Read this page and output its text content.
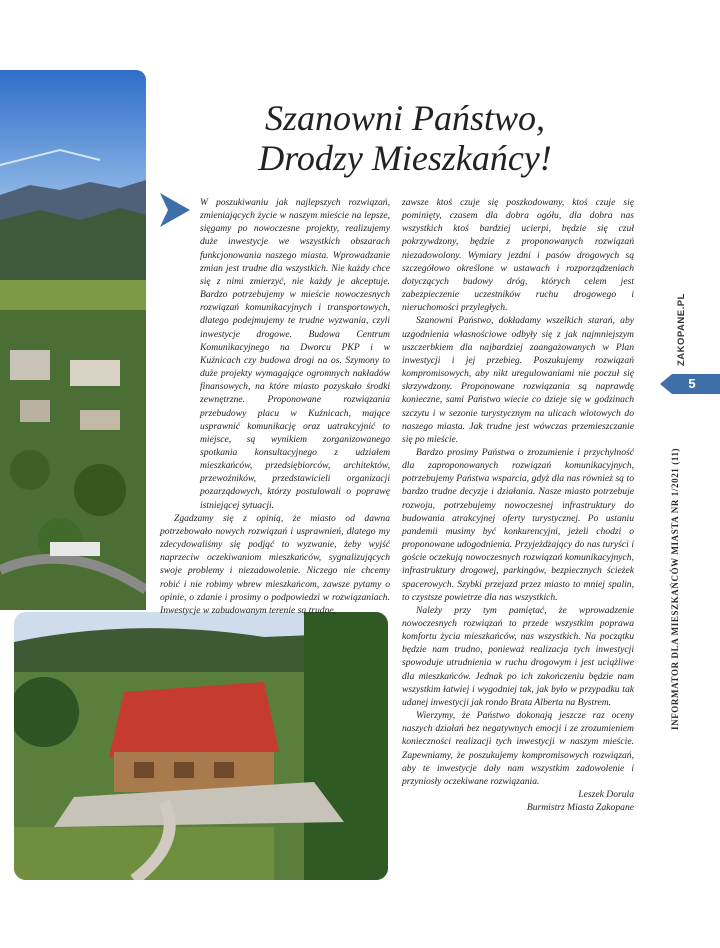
Szanowni Państwo,
Drodzy Mieszkańcy!

W poszukiwaniu jak najlepszych rozwiązań, zmieniających życie w naszym mieście na lepsze, sięgamy po nowoczesne projekty, realizujemy duże inwestycje we wszystkich obszarach funkcjonowania naszego miasta. Wprowadzanie zmian jest trudne dla wszystkich. Nie każdy chce się z nimi zmierzyć, nie każdy je akceptuje. Bardzo potrzebujemy w mieście nowoczesnych rozwiązań komunikacyjnych i transportowych, dlatego podejmujemy te trudne wyzwania, czyli inwestycje drogowe. Budowa Centrum Komunikacyjnego na Dworcu PKP i w Kuźnicach czy budowa drogi na os. Szymony to duże projekty wymagające ogromnych nakładów finansowych, na które miasto pozyskało środki zewnętrzne. Proponowane rozwiązania przebudowy placu w Kuźnicach, mające usprawnić komunikację oraz uatrakcyjnić to miejsce, są wynikiem zorganizowanego spotkania konsultacyjnego z udziałem mieszkańców, przedsiębiorców, architektów, przewoźników, przedstawicieli organizacji pozarządowych, którzy postulowali o poprawę istniejącej sytuacji.

Zgadzamy się z opinią, że miasto od dawna potrzebowało nowych rozwiązań i usprawnień, dlatego my zdecydowaliśmy się podjąć to wyzwanie, żeby wyjść naprzeciw oczekiwaniom mieszkańców, sygnalizujących swoje problemy i niezadowolenie. Niczego nie chcemy robić i nie robimy wbrew mieszkańcom, zawsze pytamy o opinie, o zdanie i prosimy o podpowiedzi w rozwiązaniach. Inwestycje w zabudowanym terenie są trudne,

zawsze ktoś czuje się poszkodowany, ktoś czuje się pominięty, czasem dla dobra ogółu, dla dobra nas wszystkich ktoś bardziej ucierpi, będzie się czuł pokrzywdzony, będzie z proponowanych rozwiązań niezadowolony. Wymiary jezdni i pasów drogowych są szczegółowo określone w ustawach i rozporządzeniach dotyczących budowy dróg, których celem jest zabezpieczenie uczestników ruchu drogowego i nieruchomości przyległych.

Szanowni Państwo, dokładamy wszelkich starań, aby uzgodnienia własnościowe odbyły się z jak najmniejszym uszczerbkiem dla najbardziej zaangażowanych w Plan inwestycji i jej przebieg. Poszukujemy rozwiązań kompromisowych, aby nikt uregulowaniami nie poczuł się skrzywdzony. Proponowane rozwiązania są naprawdę konieczne, sami Państwo wiecie co dzieje się w godzinach szczytu i w sezonie turystycznym na ulicach wlotowych do naszego miasta. Jak trudne jest wówczas przemieszczanie się po mieście.

Bardzo prosimy Państwa o zrozumienie i przychylność dla zaproponowanych rozwiązań komunikacyjnych, potrzebujemy Państwa wsparcia, gdyż dla nas również są to bardzo trudne decyzje i działania. Nasze miasto potrzebuje rozwoju, potrzebujemy nowoczesnej infrastruktury do budowania atrakcyjnej oferty turystycznej. Po ustaniu pandemii musimy być konkurencyjni, jeżeli chodzi o proponowane udogodnienia. Przyjeżdżający do nas turyści i goście oczekują nowoczesnych rozwiązań komunikacyjnych, infrastruktury drogowej, parkingów, bezpiecznych ścieżek spacerowych. Szybki przejazd przez miasto to mniej spalin, to czystsze powietrze dla nas wszystkich.

Należy przy tym pamiętać, że wprowadzenie nowoczesnych rozwiązań to przede wszystkim poprawa komfortu życia mieszkańców, nas wszystkich. Na początku będzie nam trudno, ponieważ realizacja tych inwestycji spowoduje utrudnienia w ruchu drogowym i jest uciążliwe dla mieszkańców. Jednak po ich zakończeniu będzie nam wszystkim łatwiej i wygodniej tak, jak było w przypadku tak udanej inwestycji jak rondo Brata Alberta na Bystrem.

Wierzymy, że Państwo dokonają jeszcze raz oceny naszych działań bez negatywnych emocji i ze zrozumieniem konieczności realizacji tych inwestycji w naszym mieście. Zapewniamy, że poszukujemy kompromisowych rozwiązań, aby te inwestycje dały nam wszystkim zadowolenie i przyniosły oczekiwane rozwiązania.

Leszek Dorula

Burmistrz Miasta Zakopane

ZAKOPANE.PL
5
INFORMATOR DLA MIESZKAŃCÓW MIASTA NR 1/2021 (11)
